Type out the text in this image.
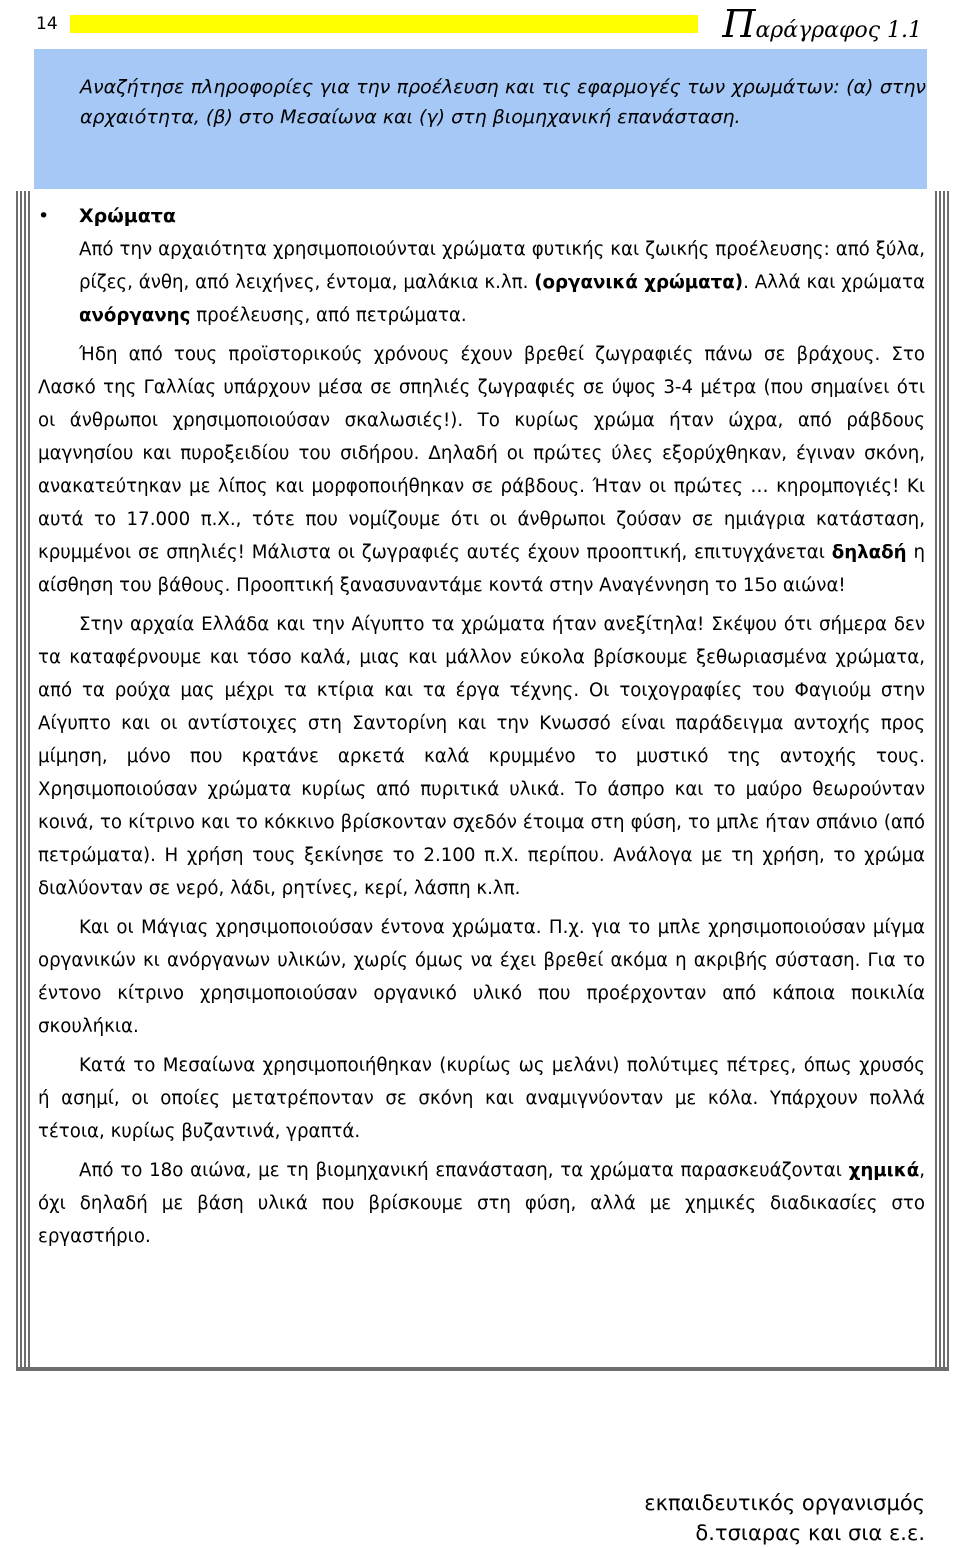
14	Παράγραφος 1.1
Αναζήτησε πληροφορίες για την προέλευση και τις εφαρμογές των χρωμάτων: (α) στην αρχαιότητα, (β) στο Μεσαίωνα και (γ) στη βιομηχανική επανάσταση.
• Χρώματα

Από την αρχαιότητα χρησιμοποιούνται χρώματα φυτικής και ζωικής προέλευσης: από ξύλα, ρίζες, άνθη, από λειχήνες, έντομα, μαλάκια κ.λπ. (οργανικά χρώματα). Αλλά και χρώματα ανόργανης προέλευσης, από πετρώματα.

Ήδη από τους προϊστορικούς χρόνους έχουν βρεθεί ζωγραφιές πάνω σε βράχους. Στο Λασκό της Γαλλίας υπάρχουν μέσα σε σπηλιές ζωγραφιές σε ύψος 3-4 μέτρα (που σημαίνει ότι οι άνθρωποι χρησιμοποιούσαν σκαλωσιές!). Το κυρίως χρώμα ήταν ώχρα, από ράβδους μαγνησίου και πυροξειδίου του σιδήρου. Δηλαδή οι πρώτες ύλες εξορύχθηκαν, έγιναν σκόνη, ανακατεύτηκαν με λίπος και μορφοποιήθηκαν σε ράβδους. Ήταν οι πρώτες … κηρομπογιές! Κι αυτά το 17.000 π.Χ., τότε που νομίζουμε ότι οι άνθρωποι ζούσαν σε ημιάγρια κατάσταση, κρυμμένοι σε σπηλιές! Μάλιστα οι ζωγραφιές αυτές έχουν προοπτική, επιτυγχάνεται δηλαδή η αίσθηση του βάθους. Προοπτική ξανασυναντάμε κοντά στην Αναγέννηση το 15ο αιώνα!

Στην αρχαία Ελλάδα και την Αίγυπτο τα χρώματα ήταν ανεξίτηλα! Σκέψου ότι σήμερα δεν τα καταφέρνουμε και τόσο καλά, μιας και μάλλον εύκολα βρίσκουμε ξεθωριασμένα χρώματα, από τα ρούχα μας μέχρι τα κτίρια και τα έργα τέχνης. Οι τοιχογραφίες του Φαγιούμ στην Αίγυπτο και οι αντίστοιχες στη Σαντορίνη και την Κνωσσό είναι παράδειγμα αντοχής προς μίμηση, μόνο που κρατάνε αρκετά καλά κρυμμένο το μυστικό της αντοχής τους. Χρησιμοποιούσαν χρώματα κυρίως από πυριτικά υλικά. Το άσπρο και το μαύρο θεωρούνταν κοινά, το κίτρινο και το κόκκινο βρίσκονταν σχεδόν έτοιμα στη φύση, το μπλε ήταν σπάνιο (από πετρώματα). Η χρήση τους ξεκίνησε το 2.100 π.Χ. περίπου. Ανάλογα με τη χρήση, το χρώμα διαλύονταν σε νερό, λάδι, ρητίνες, κερί, λάσπη κ.λπ.

Και οι Μάγιας χρησιμοποιούσαν έντονα χρώματα. Π.χ. για το μπλε χρησιμοποιούσαν μίγμα οργανικών κι ανόργανων υλικών, χωρίς όμως να έχει βρεθεί ακόμα η ακριβής σύσταση. Για το έντονο κίτρινο χρησιμοποιούσαν οργανικό υλικό που προέρχονταν από κάποια ποικιλία σκουλήκια.

Κατά το Μεσαίωνα χρησιμοποιήθηκαν (κυρίως ως μελάνι) πολύτιμες πέτρες, όπως χρυσός ή ασημί, οι οποίες μετατρέπονταν σε σκόνη και αναμιγνύονταν με κόλα. Υπάρχουν πολλά τέτοια, κυρίως βυζαντινά, γραπτά.

Από το 18ο αιώνα, με τη βιομηχανική επανάσταση, τα χρώματα παρασκευάζονται χημικά, όχι δηλαδή με βάση υλικά που βρίσκουμε στη φύση, αλλά με χημικές διαδικασίες στο εργαστήριο.

εκπαιδευτικός οργανισμός
δ.τσιαρας και σια ε.ε.
